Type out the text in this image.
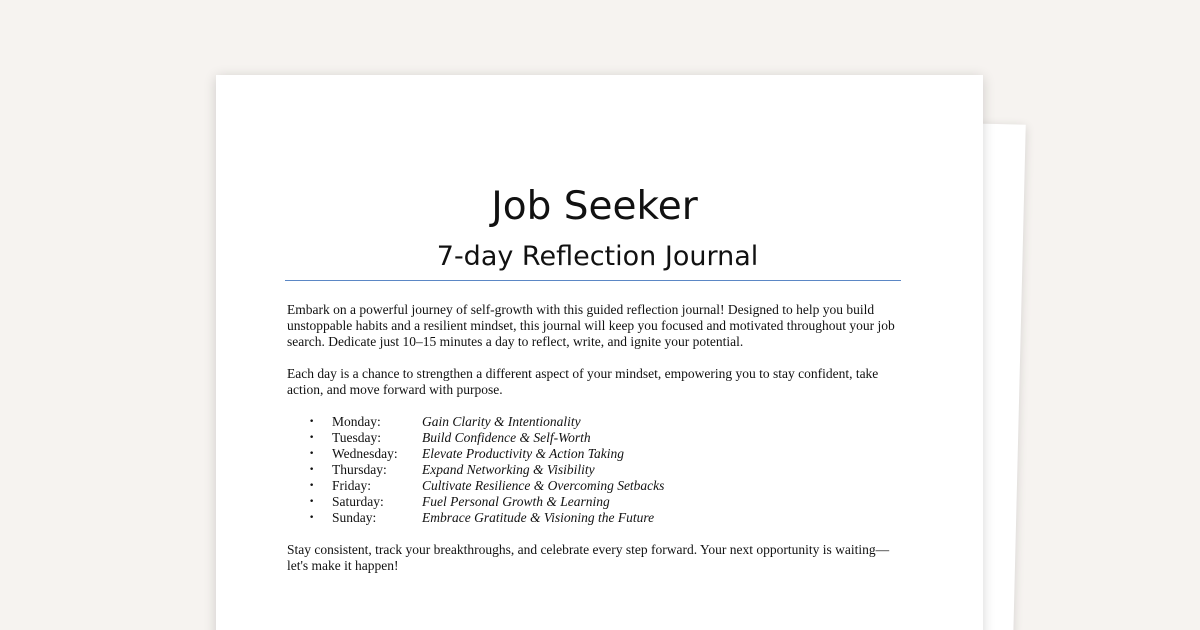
Job Seeker
7-day Reflection Journal

Embark on a powerful journey of self-growth with this guided reflection journal! Designed to help you build unstoppable habits and a resilient mindset, this journal will keep you focused and motivated throughout your job search. Dedicate just 10–15 minutes a day to reflect, write, and ignite your potential.

Each day is a chance to strengthen a different aspect of your mindset, empowering you to stay confident, take action, and move forward with purpose.

•	Monday:	Gain Clarity & Intentionality
•	Tuesday:	Build Confidence & Self-Worth
•	Wednesday:	Elevate Productivity & Action Taking
•	Thursday:	Expand Networking & Visibility
•	Friday:	Cultivate Resilience & Overcoming Setbacks
•	Saturday:	Fuel Personal Growth & Learning
•	Sunday:	Embrace Gratitude & Visioning the Future

Stay consistent, track your breakthroughs, and celebrate every step forward. Your next opportunity is waiting—let's make it happen!
